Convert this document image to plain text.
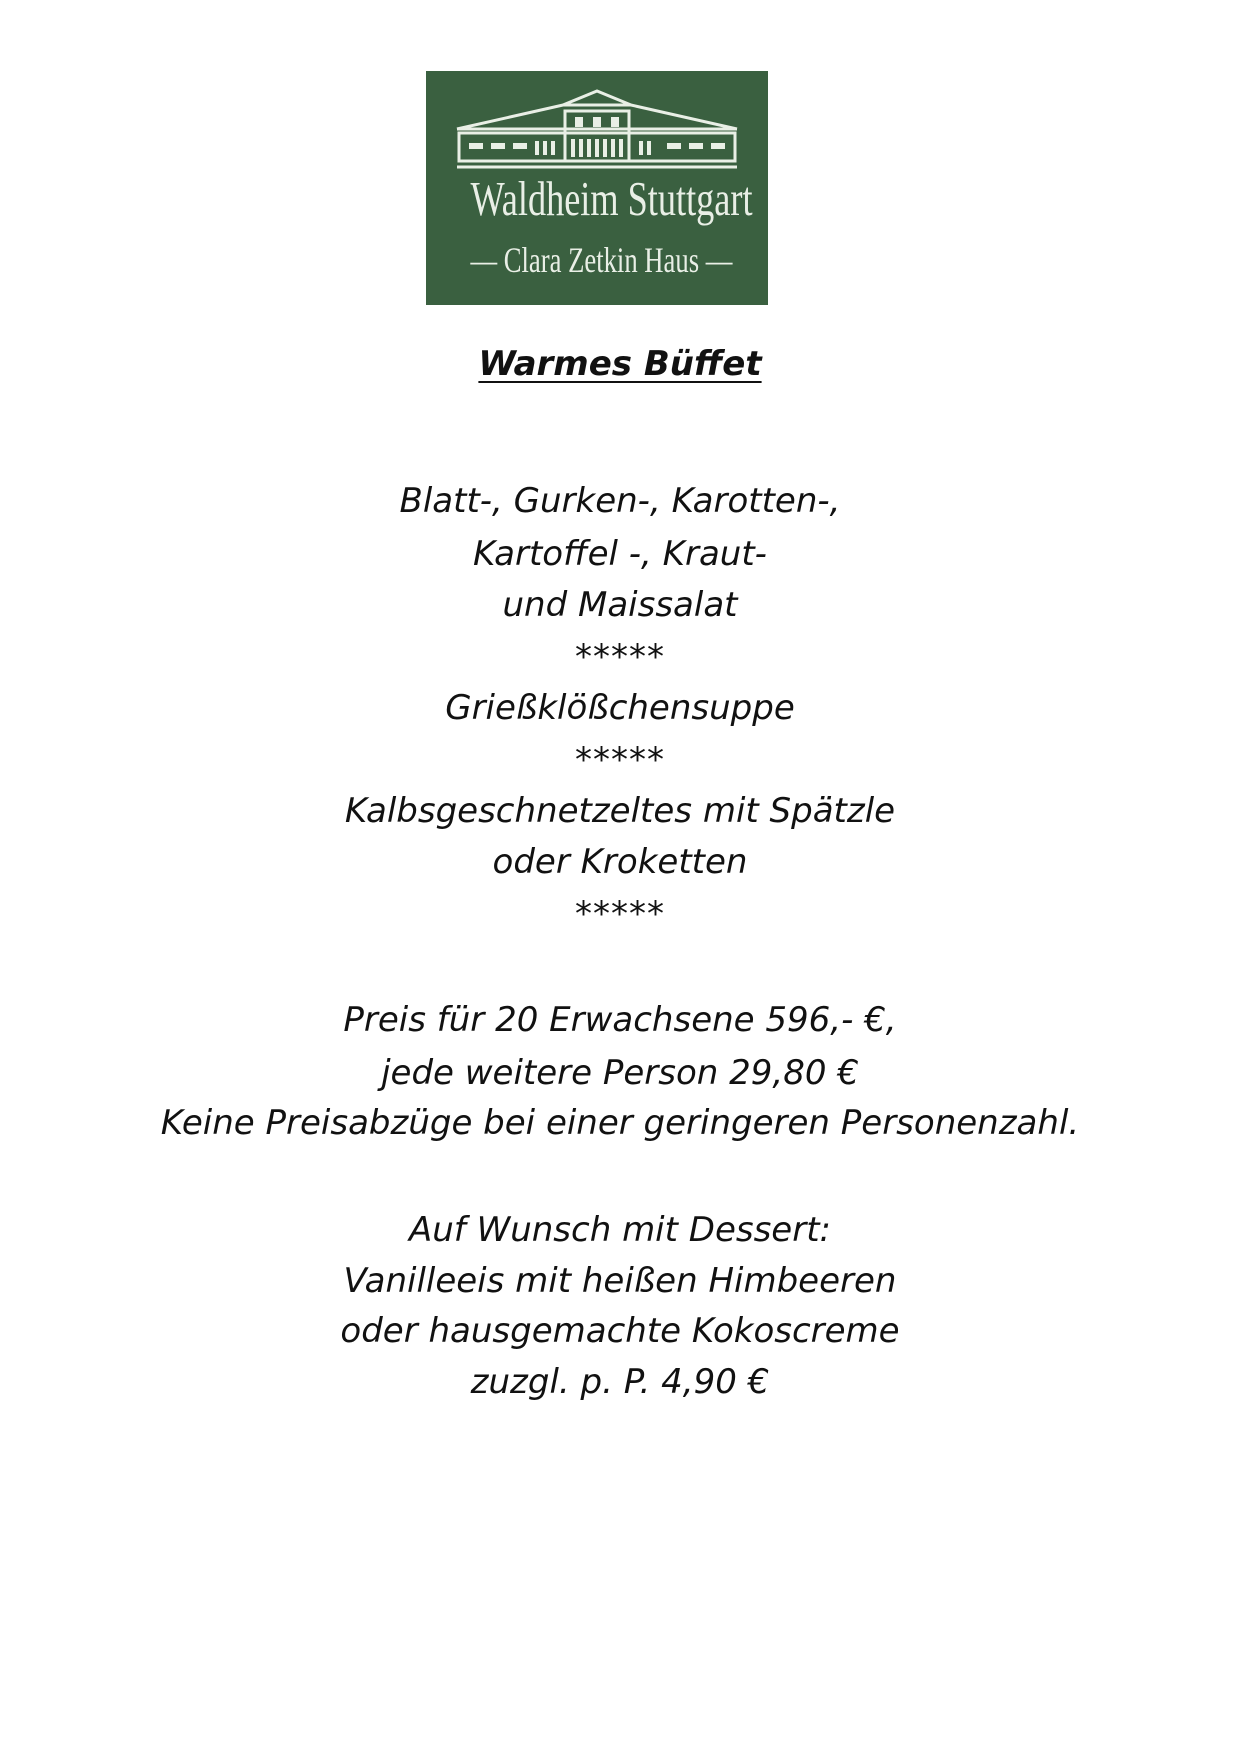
Waldheim Stuttgart
— Clara Zetkin Haus —
Warmes Büffet
Blatt-, Gurken-, Karotten-,
Kartoffel -, Kraut-
und Maissalat
*****
Grießklößchensuppe
*****
Kalbsgeschnetzeltes mit Spätzle
oder Kroketten
*****
Preis für 20 Erwachsene 596,- €,
jede weitere Person 29,80 €
Keine Preisabzüge bei einer geringeren Personenzahl.
Auf Wunsch mit Dessert:
Vanilleeis mit heißen Himbeeren
oder hausgemachte Kokoscreme
zuzgl. p. P. 4,90 €
